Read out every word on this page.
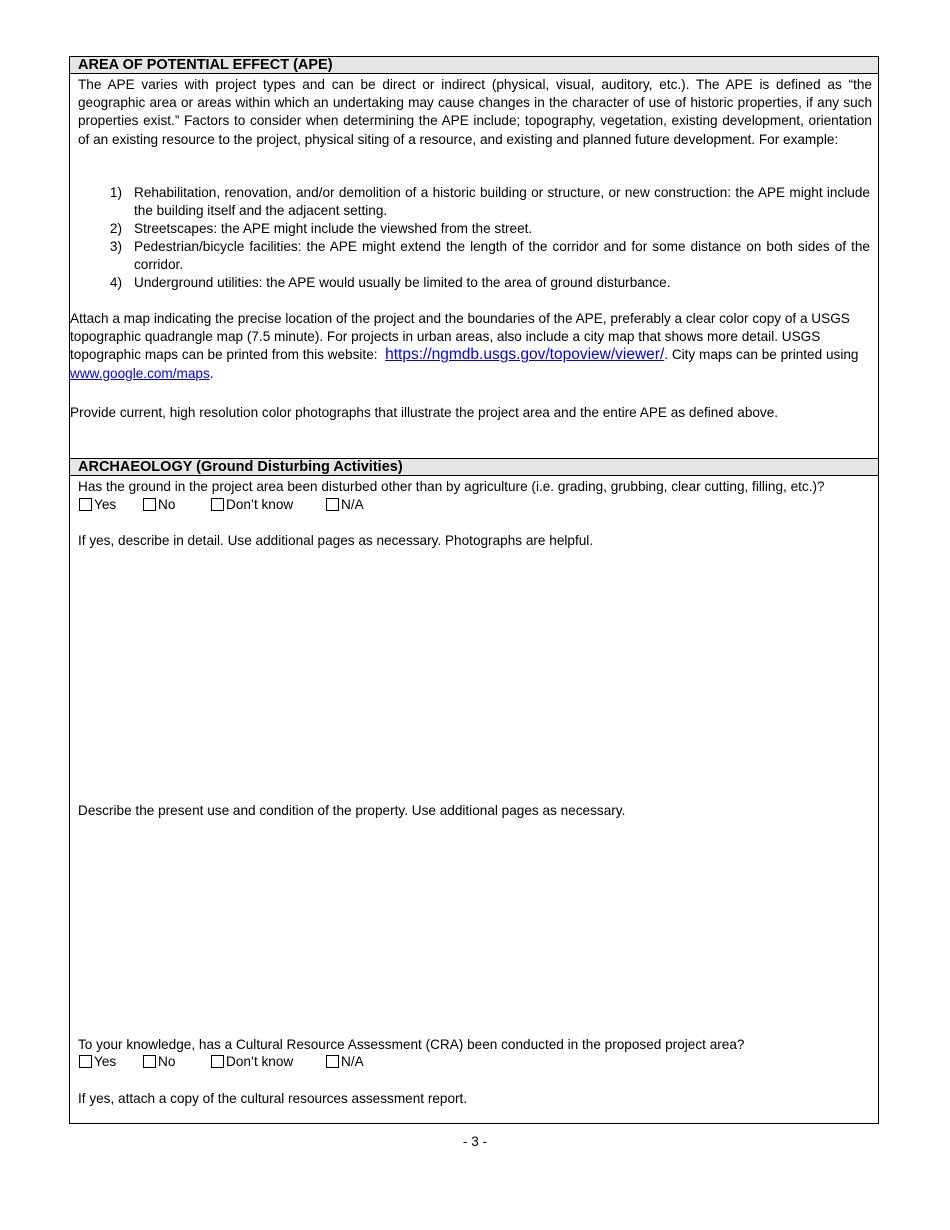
AREA OF POTENTIAL EFFECT (APE)
The APE varies with project types and can be direct or indirect (physical, visual, auditory, etc.). The APE is defined as “the geographic area or areas within which an undertaking may cause changes in the character of use of historic properties, if any such properties exist.” Factors to consider when determining the APE include; topography, vegetation, existing development, orientation of an existing resource to the project, physical siting of a resource, and existing and planned future development. For example:
1) Rehabilitation, renovation, and/or demolition of a historic building or structure, or new construction: the APE might include the building itself and the adjacent setting.
2) Streetscapes: the APE might include the viewshed from the street.
3) Pedestrian/bicycle facilities: the APE might extend the length of the corridor and for some distance on both sides of the corridor.
4) Underground utilities: the APE would usually be limited to the area of ground disturbance.
Attach a map indicating the precise location of the project and the boundaries of the APE, preferably a clear color copy of a USGS topographic quadrangle map (7.5 minute). For projects in urban areas, also include a city map that shows more detail. USGS topographic maps can be printed from this website: https://ngmdb.usgs.gov/topoview/viewer/. City maps can be printed using www.google.com/maps.
Provide current, high resolution color photographs that illustrate the project area and the entire APE as defined above.
ARCHAEOLOGY (Ground Disturbing Activities)
Has the ground in the project area been disturbed other than by agriculture (i.e. grading, grubbing, clear cutting, filling, etc.)?
Yes	No	Don’t know	N/A
If yes, describe in detail. Use additional pages as necessary. Photographs are helpful.
Describe the present use and condition of the property. Use additional pages as necessary.
To your knowledge, has a Cultural Resource Assessment (CRA) been conducted in the proposed project area?
Yes	No	Don’t know	N/A
If yes, attach a copy of the cultural resources assessment report.
- 3 -
